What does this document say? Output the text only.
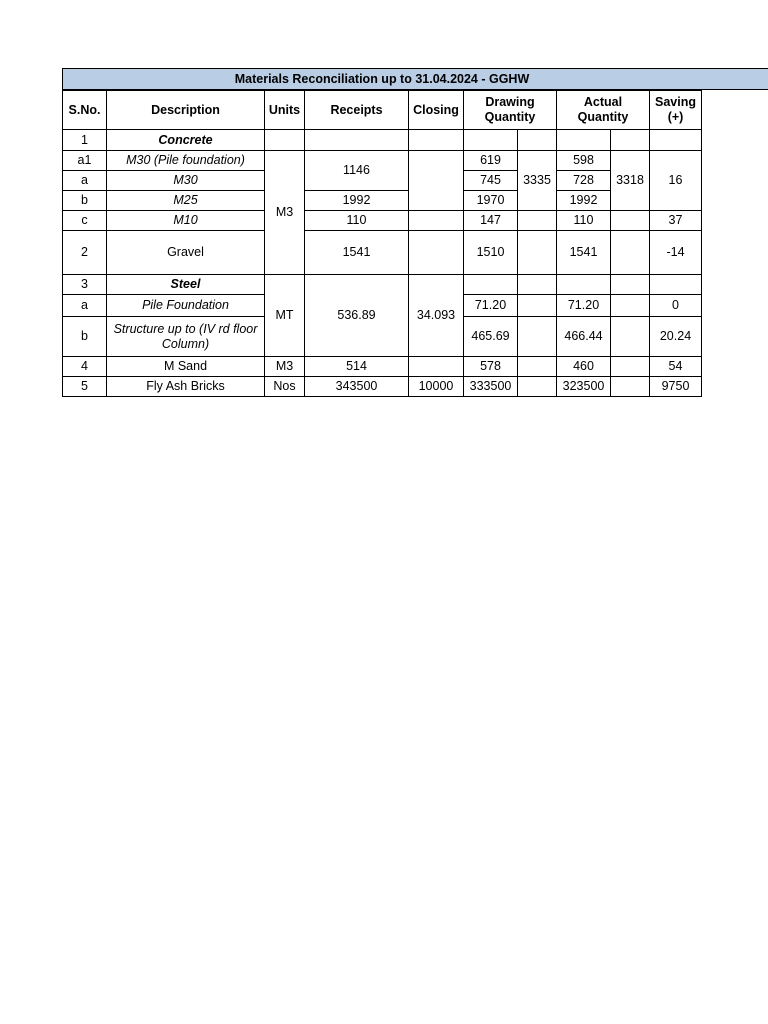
Materials Reconciliation up to 31.04.2024 - GGHW
S.No.	Description	Units	Receipts	Closing	Drawing Quantity		Actual Quantity		Saving (+)
1	Concrete								
a1	M30 (Pile foundation)	M3	1146		619	3335	598	3318	16
a	M30				745		728		
b	M25		1992		1970		1992		
c	M10		110		147		110		37
2	Gravel		1541		1510		1541		-14
3	Steel	MT	536.89	34.093					
a	Pile Foundation				71.20		71.20		0
b	Structure up to (IV rd floor Column)				465.69		466.44		20.24
4	M Sand	M3	514		578		460		54
5	Fly Ash Bricks	Nos	343500	10000	333500		323500		9750
